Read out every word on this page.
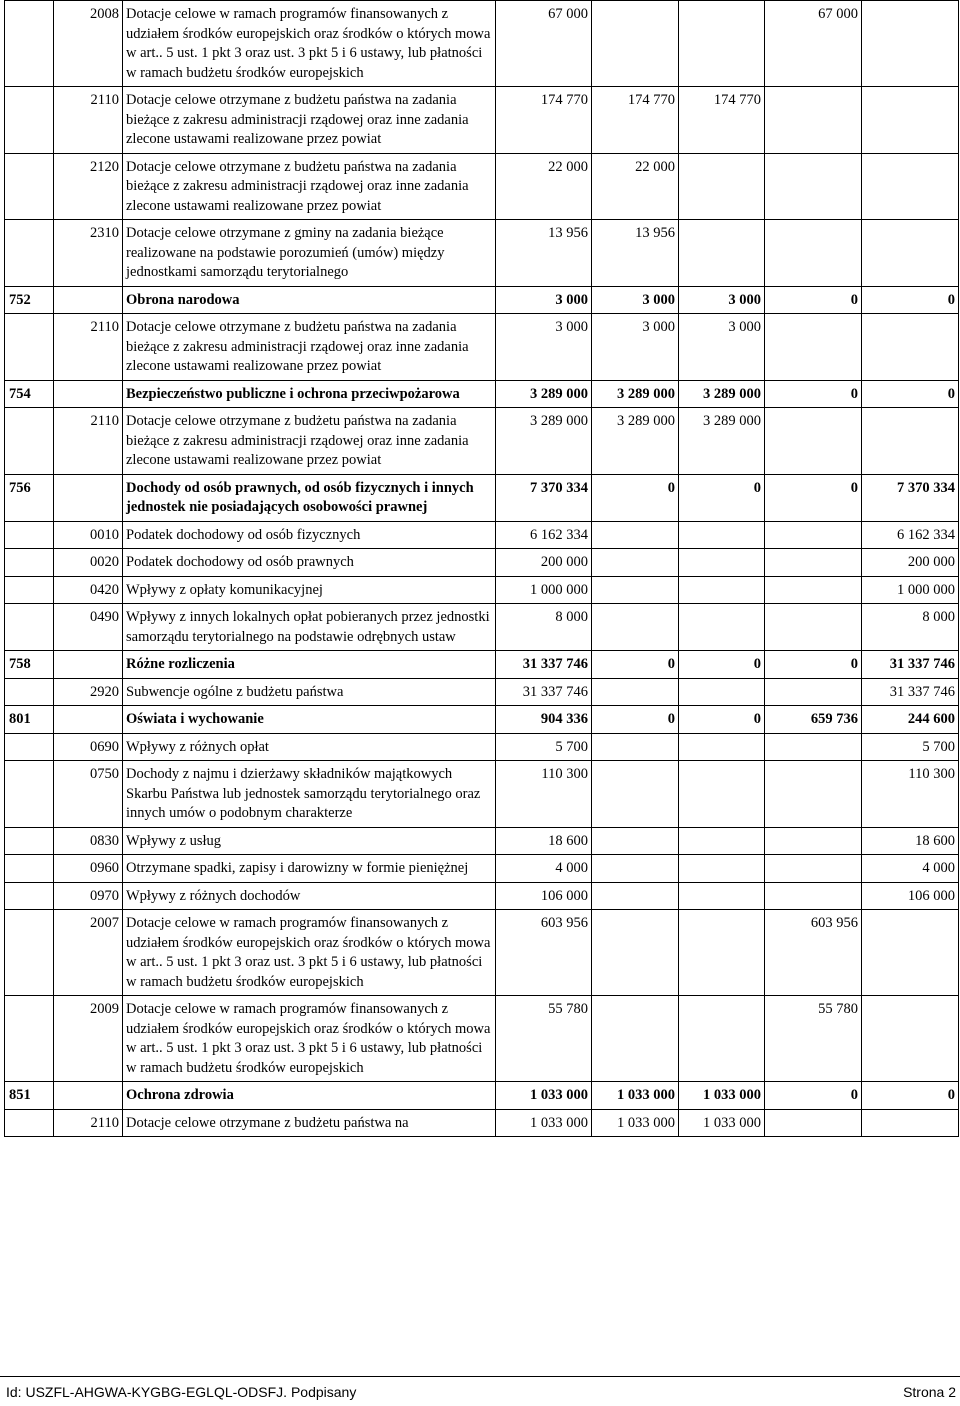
	2008	Dotacje celowe w ramach programów finansowanych z udziałem środków europejskich oraz środków o których mowa w art.. 5 ust. 1 pkt 3 oraz ust. 3 pkt 5 i 6 ustawy, lub płatności w ramach budżetu środków europejskich	67 000			67 000	
	2110	Dotacje celowe otrzymane z budżetu państwa na zadania bieżące z zakresu administracji rządowej oraz inne zadania zlecone ustawami realizowane przez powiat	174 770	174 770	174 770		
	2120	Dotacje celowe otrzymane z budżetu państwa na zadania bieżące z zakresu administracji rządowej oraz inne zadania zlecone ustawami realizowane przez powiat	22 000	22 000			
	2310	Dotacje celowe otrzymane z gminy na zadania bieżące realizowane na podstawie porozumień (umów) między jednostkami samorządu terytorialnego	13 956	13 956			
752		Obrona narodowa	3 000	3 000	3 000	0	0
	2110	Dotacje celowe otrzymane z budżetu państwa na zadania bieżące z zakresu administracji rządowej oraz inne zadania zlecone ustawami realizowane przez powiat	3 000	3 000	3 000		
754		Bezpieczeństwo publiczne i ochrona przeciwpożarowa	3 289 000	3 289 000	3 289 000	0	0
	2110	Dotacje celowe otrzymane z budżetu państwa na zadania bieżące z zakresu administracji rządowej oraz inne zadania zlecone ustawami realizowane przez powiat	3 289 000	3 289 000	3 289 000		
756		Dochody od osób prawnych, od osób fizycznych i innych jednostek nie posiadających osobowości prawnej	7 370 334	0	0	0	7 370 334
	0010	Podatek dochodowy od osób fizycznych	6 162 334				6 162 334
	0020	Podatek dochodowy od osób prawnych	200 000				200 000
	0420	Wpływy z opłaty komunikacyjnej	1 000 000				1 000 000
	0490	Wpływy z innych lokalnych opłat pobieranych przez jednostki samorządu terytorialnego na podstawie odrębnych ustaw	8 000				8 000
758		Różne rozliczenia	31 337 746	0	0	0	31 337 746
	2920	Subwencje ogólne z budżetu państwa	31 337 746				31 337 746
801		Oświata i wychowanie	904 336	0	0	659 736	244 600
	0690	Wpływy z różnych opłat	5 700				5 700
	0750	Dochody z najmu i dzierżawy składników majątkowych Skarbu Państwa lub jednostek samorządu terytorialnego oraz innych umów o podobnym charakterze	110 300				110 300
	0830	Wpływy z usług	18 600				18 600
	0960	Otrzymane spadki, zapisy i darowizny w formie pieniężnej	4 000				4 000
	0970	Wpływy z różnych dochodów	106 000				106 000
	2007	Dotacje celowe w ramach programów finansowanych z udziałem środków europejskich oraz środków o których mowa w art.. 5 ust. 1 pkt 3 oraz ust. 3 pkt 5 i 6 ustawy, lub płatności w ramach budżetu środków europejskich	603 956			603 956	
	2009	Dotacje celowe w ramach programów finansowanych z udziałem środków europejskich oraz środków o których mowa w art.. 5 ust. 1 pkt 3 oraz ust. 3 pkt 5 i 6 ustawy, lub płatności w ramach budżetu środków europejskich	55 780			55 780	
851		Ochrona zdrowia	1 033 000	1 033 000	1 033 000	0	0
	2110	Dotacje celowe otrzymane z budżetu państwa na	1 033 000	1 033 000	1 033 000		
Id: USZFL-AHGWA-KYGBG-EGLQL-ODSFJ. Podpisany	Strona 2
